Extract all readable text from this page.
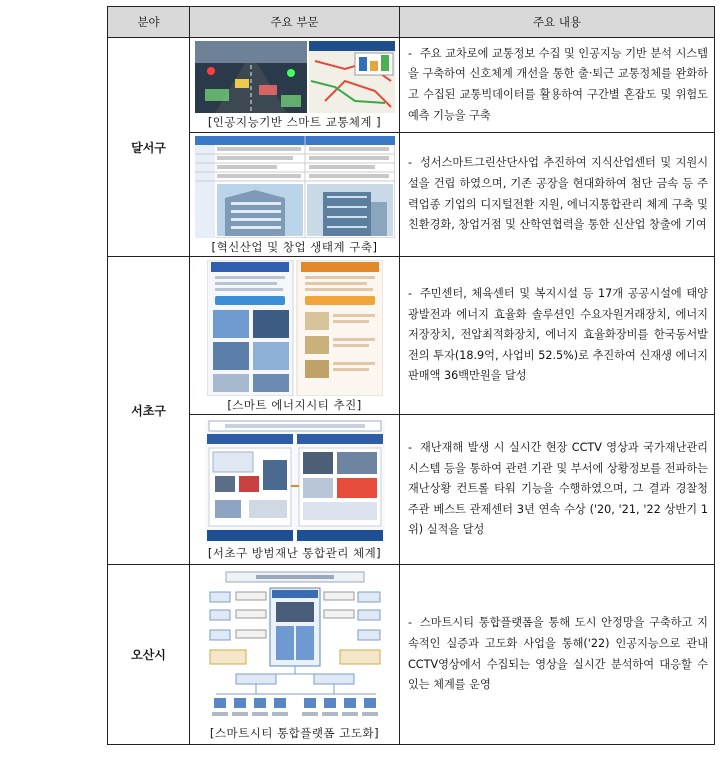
분야	주요 부문	주요 내용
달서구	[인공지능기반 스마트 교통체계 ]	- 주요 교차로에 교통정보 수집 및 인공지능 기반 분석 시스템을 구축하여 신호체계 개선을 통한 출·퇴근 교통정체를 완화하고 수집된 교통빅데이터를 활용하여 구간별 혼잡도 및 위험도 예측 기능을 구축

	[혁신산업 및 창업 생태계 구축]	- 성서스마트그린산단사업 추진하여 지식산업센터 및 지원시설을 건립 하였으며, 기존 공장을 현대화하여 첨단 금속 등 주력업종 기업의 디지털전환 지원, 에너지통합관리 체계 구축 및 친환경화, 창업거점 및 산학연협력을 통한 신산업 창출에 기여

서초구	[스마트 에너지시티 추진]	- 주민센터, 체육센터 및 복지시설 등 17개 공공시설에 태양광발전과 에너지 효율화 솔루션인 수요자원거래장치, 에너지저장장치, 전압최적화장치, 에너지 효율화장비를 한국동서발전의 투자(18.9억, 사업비 52.5%)로 추진하여 신재생 에너지 판매액 36백만원을 달성

	[서초구 방범재난 통합관리 체계]	- 재난재해 발생 시 실시간 현장 CCTV 영상과 국가재난관리시스템 등을 통하여 관련 기관 및 부서에 상황정보를 전파하는 재난상황 컨트롤 타워 기능을 수행하였으며, 그 결과 경찰청 주관 베스트 관제센터 3년 연속 수상 ('20, '21, '22 상반기 1위) 실적을 달성

오산시	[스마트시티 통합플랫폼 고도화]	- 스마트시티 통합플랫폼을 통해 도시 안정망을 구축하고 지속적인 실증과 고도화 사업을 통해('22) 인공지능으로 관내 CCTV영상에서 수집되는 영상을 실시간 분석하여 대응할 수 있는 체계를 운영
